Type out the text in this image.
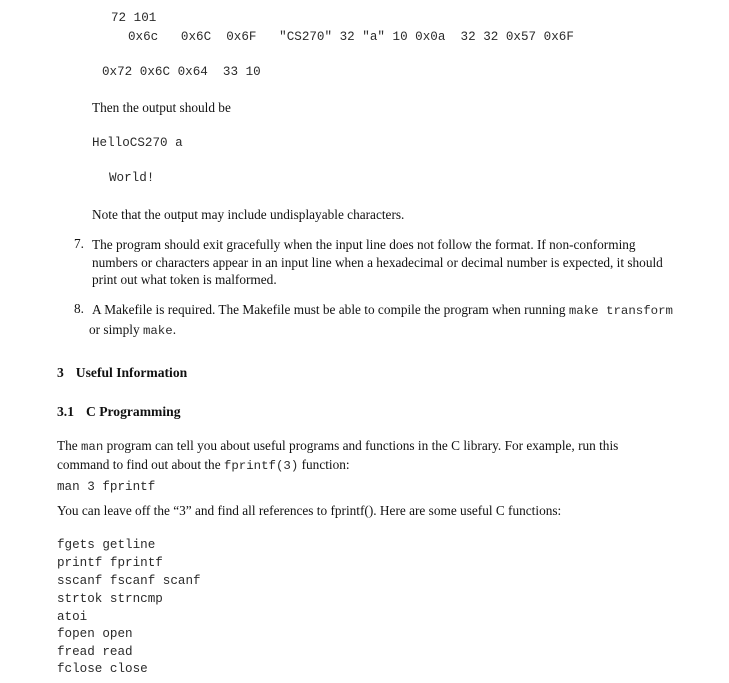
72 101
0x6c   0x6C  0x6F   "CS270" 32 "a" 10 0x0a  32 32 0x57 0x6F
0x72 0x6C 0x64  33 10
Then the output should be
HelloCS270 a
World!
Note that the output may include undisplayable characters.
7. The program should exit gracefully when the input line does not follow the format. If non-conforming numbers or characters appear in an input line when a hexadecimal or decimal number is expected, it should print out what token is malformed.
8. A Makefile is required. The Makefile must be able to compile the program when running make transform
or simply make.
3 Useful Information
3.1 C Programming
The man program can tell you about useful programs and functions in the C library. For example, run this
command to find out about the fprintf(3) function:
man 3 fprintf
You can leave off the “3” and find all references to fprintf(). Here are some useful C functions:
fgets getline
printf fprintf
sscanf fscanf scanf
strtok strncmp
atoi
fopen open
fread read
fclose close
